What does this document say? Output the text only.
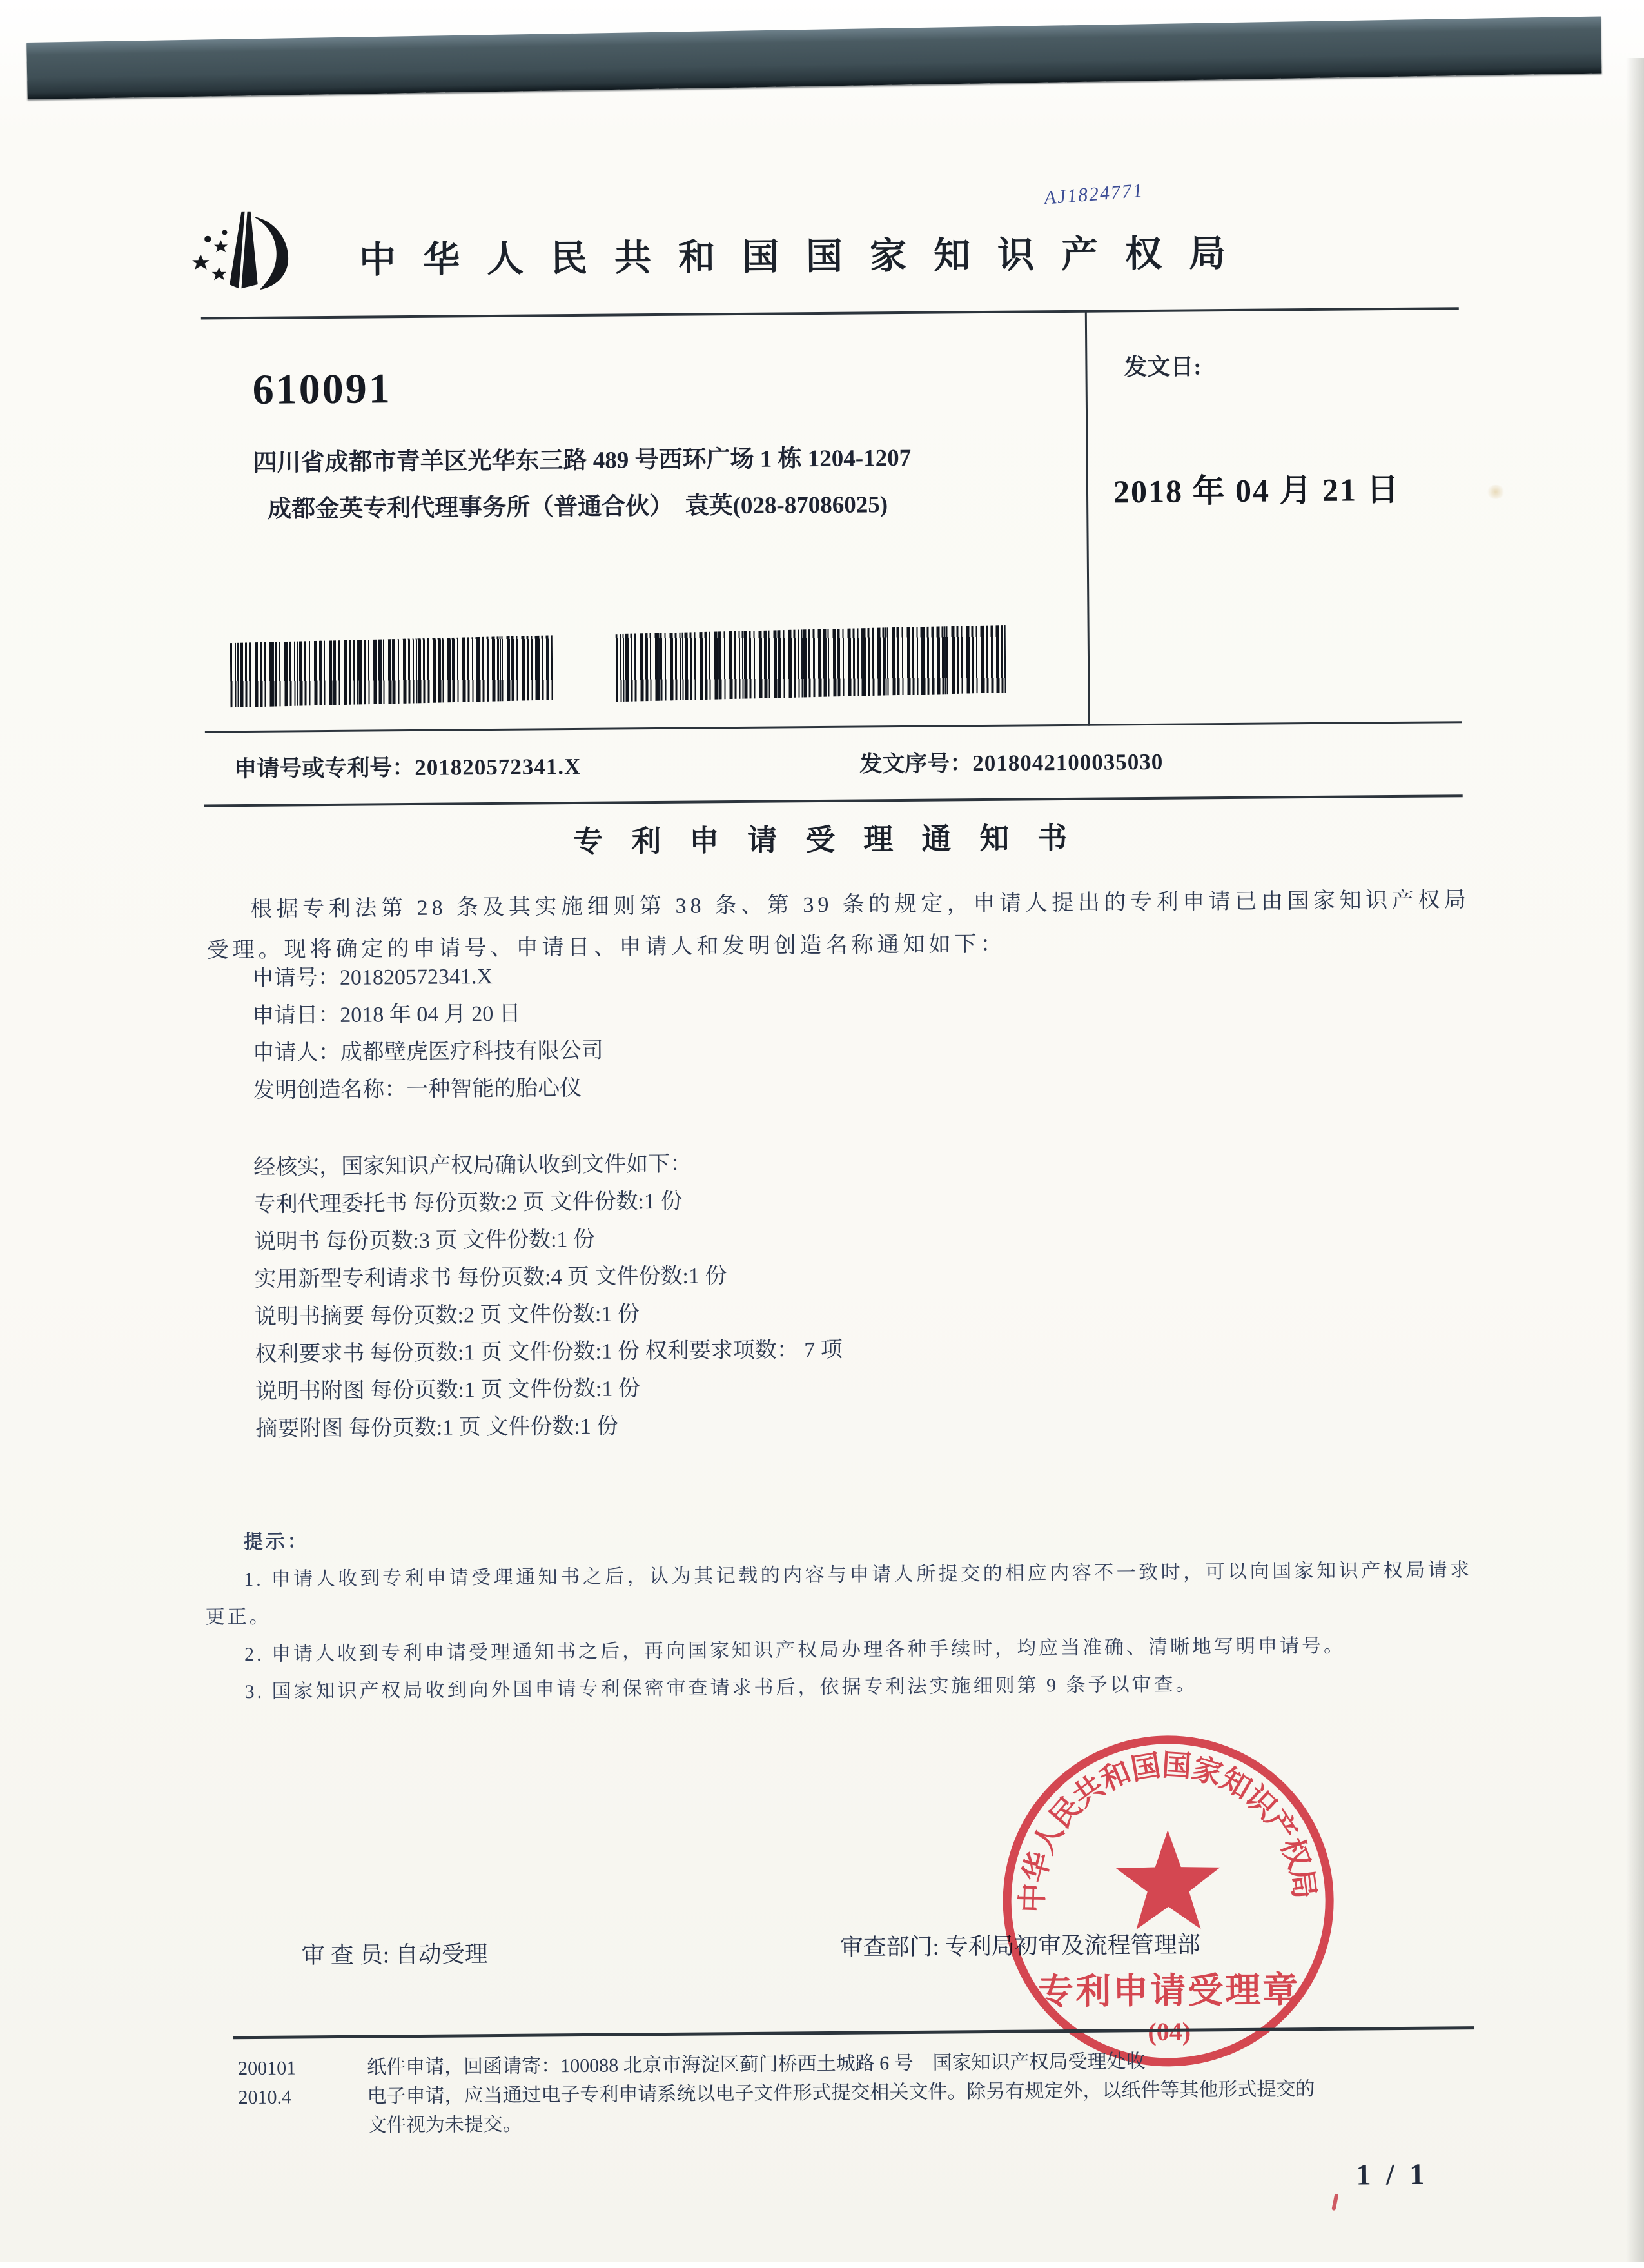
AJ1824771
中华人民共和国国家知识产权局
610091
四川省成都市青羊区光华东三路 489 号西环广场 1 栋 1204-1207
成都金英专利代理事务所（普通合伙）　袁英(028-87086025)
发文日:
2018 年 04 月 21 日
申请号或专利号：201820572341.X	发文序号：2018042100035030
专利申请受理通知书
根据专利法第 28 条及其实施细则第 38 条、第 39 条的规定，申请人提出的专利申请已由国家知识产权局受理。现将确定的申请号、申请日、申请人和发明创造名称通知如下：
申请号：201820572341.X
申请日：2018 年 04 月 20 日
申请人：成都壁虎医疗科技有限公司
发明创造名称：一种智能的胎心仪
经核实，国家知识产权局确认收到文件如下：
专利代理委托书 每份页数:2 页 文件份数:1 份
说明书 每份页数:3 页 文件份数:1 份
实用新型专利请求书 每份页数:4 页 文件份数:1 份
说明书摘要 每份页数:2 页 文件份数:1 份
权利要求书 每份页数:1 页 文件份数:1 份 权利要求项数： 7 项
说明书附图 每份页数:1 页 文件份数:1 份
摘要附图 每份页数:1 页 文件份数:1 份

提示：

1. 申请人收到专利申请受理通知书之后，认为其记载的内容与申请人所提交的相应内容不一致时，可以向国家知识产权局请求更正。

2. 申请人收到专利申请受理通知书之后，再向国家知识产权局办理各种手续时，均应当准确、清晰地写明申请号。

3. 国家知识产权局收到向外国申请专利保密审查请求书后，依据专利法实施细则第 9 条予以审查。

审 查 员: 自动受理	审查部门: 专利局初审及流程管理部
中华人民共和国国家知识产权局
专利申请受理章
200101
2010.4
纸件申请，回函请寄：100088 北京市海淀区蓟门桥西土城路 6 号　国家知识产权局受理处收
电子申请，应当通过电子专利申请系统以电子文件形式提交相关文件。除另有规定外，以纸件等其他形式提交的
文件视为未提交。
1 / 1
